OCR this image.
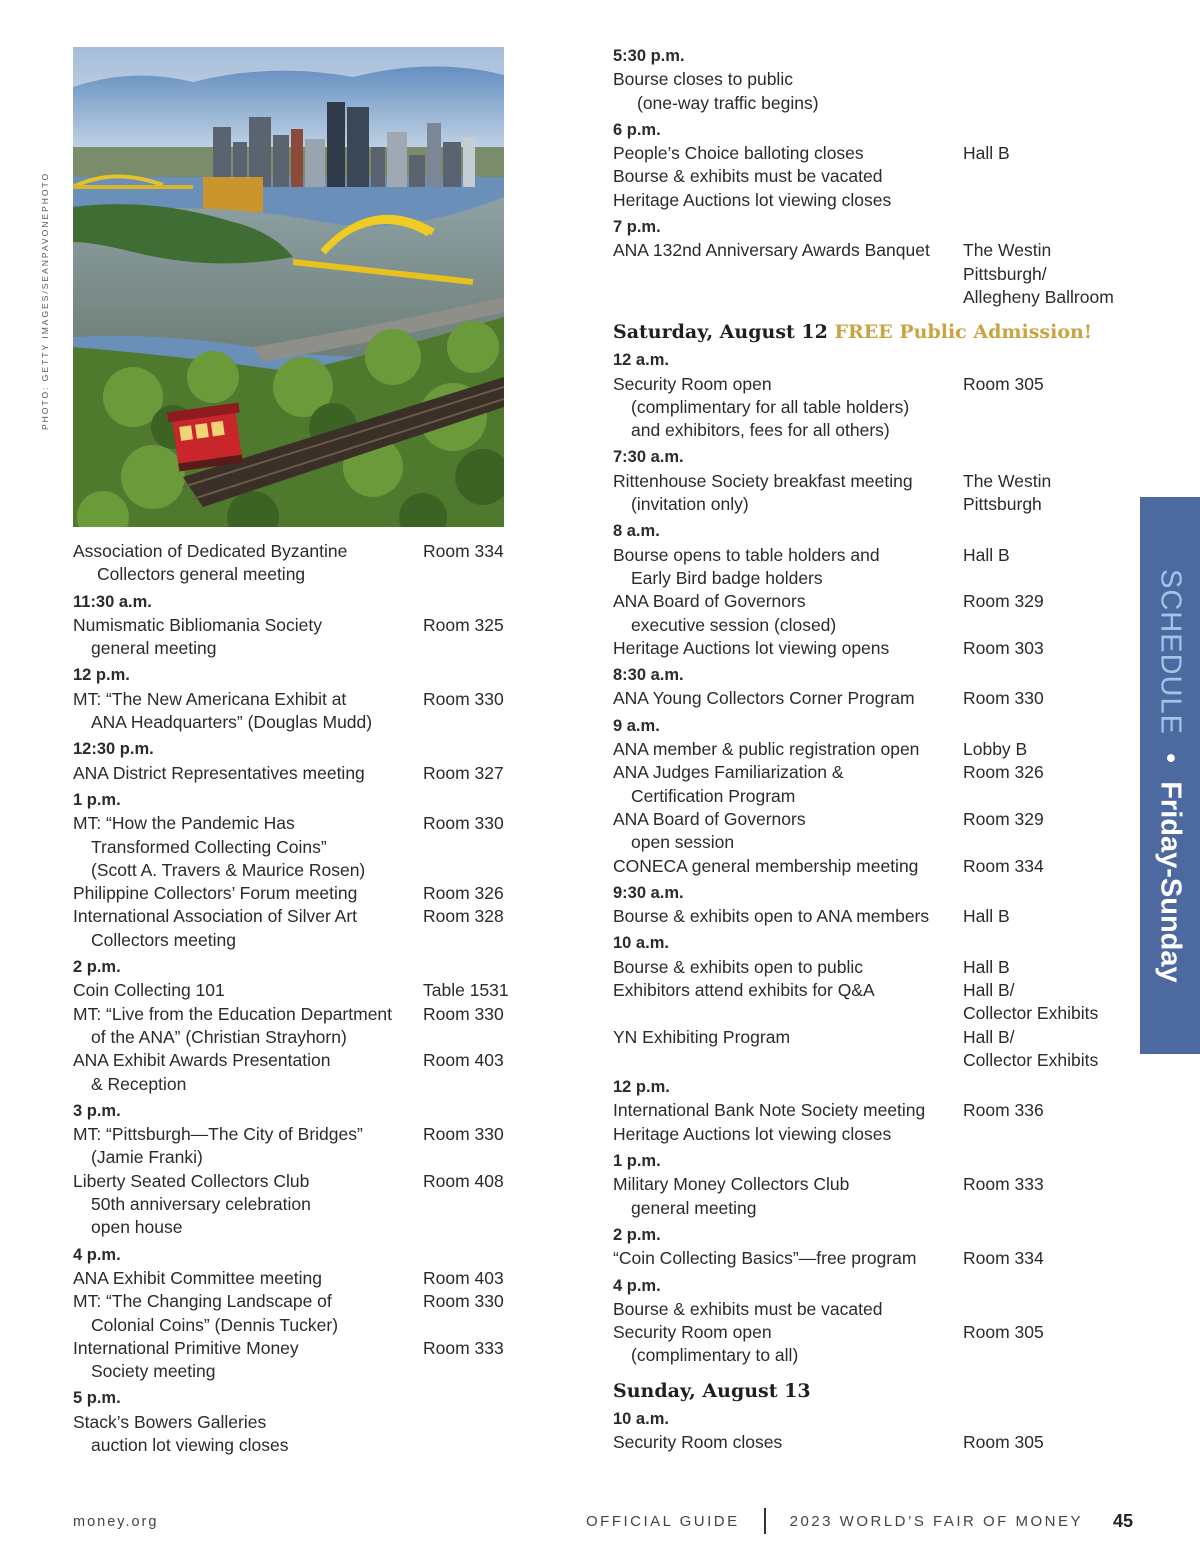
PHOTO: GETTY IMAGES/SEANPAVONEPHOTO
Association of Dedicated Byzantine	Room 334
Collectors general meeting
11:30 a.m.
Numismatic Bibliomania Society	Room 325
general meeting
12 p.m.
MT: “The New Americana Exhibit at	Room 330
ANA Headquarters” (Douglas Mudd)
12:30 p.m.
ANA District Representatives meeting	Room 327
1 p.m.
MT: “How the Pandemic Has	Room 330
Transformed Collecting Coins”
(Scott A. Travers & Maurice Rosen)
Philippine Collectors’ Forum meeting	Room 326
International Association of Silver Art	Room 328
Collectors meeting
2 p.m.
Coin Collecting 101	Table 1531
MT: “Live from the Education Department	Room 330
of the ANA” (Christian Strayhorn)
ANA Exhibit Awards Presentation	Room 403
& Reception
3 p.m.
MT: “Pittsburgh—The City of Bridges”	Room 330
(Jamie Franki)
Liberty Seated Collectors Club	Room 408
50th anniversary celebration
open house
4 p.m.
ANA Exhibit Committee meeting	Room 403
MT: “The Changing Landscape of	Room 330
Colonial Coins” (Dennis Tucker)
International Primitive Money	Room 333
Society meeting
5 p.m.
Stack’s Bowers Galleries
auction lot viewing closes
5:30 p.m.
Bourse closes to public
(one-way traffic begins)
6 p.m.
People’s Choice balloting closes	Hall B
Bourse & exhibits must be vacated
Heritage Auctions lot viewing closes
7 p.m.
ANA 132nd Anniversary Awards Banquet	The Westin
Pittsburgh/
Allegheny Ballroom
Saturday, August 12 FREE Public Admission!
12 a.m.
Security Room open	Room 305
(complimentary for all table holders)
and exhibitors, fees for all others)
7:30 a.m.
Rittenhouse Society breakfast meeting	The Westin
(invitation only)	Pittsburgh
8 a.m.
Bourse opens to table holders and	Hall B
Early Bird badge holders
ANA Board of Governors	Room 329
executive session (closed)
Heritage Auctions lot viewing opens	Room 303
8:30 a.m.
ANA Young Collectors Corner Program	Room 330
9 a.m.
ANA member & public registration open	Lobby B
ANA Judges Familiarization &	Room 326
Certification Program
ANA Board of Governors	Room 329
open session
CONECA general membership meeting	Room 334
9:30 a.m.
Bourse & exhibits open to ANA members	Hall B
10 a.m.
Bourse & exhibits open to public	Hall B
Exhibitors attend exhibits for Q&A	Hall B/
Collector Exhibits
YN Exhibiting Program	Hall B/
Collector Exhibits
12 p.m.
International Bank Note Society meeting	Room 336
Heritage Auctions lot viewing closes
1 p.m.
Military Money Collectors Club	Room 333
general meeting
2 p.m.
“Coin Collecting Basics”—free program	Room 334
4 p.m.
Bourse & exhibits must be vacated
Security Room open	Room 305
(complimentary to all)
Sunday, August 13
10 a.m.
Security Room closes	Room 305
SCHEDULE • Friday-Sunday
money.org	OFFICIAL GUIDE	2023 WORLD’S FAIR OF MONEY 45
